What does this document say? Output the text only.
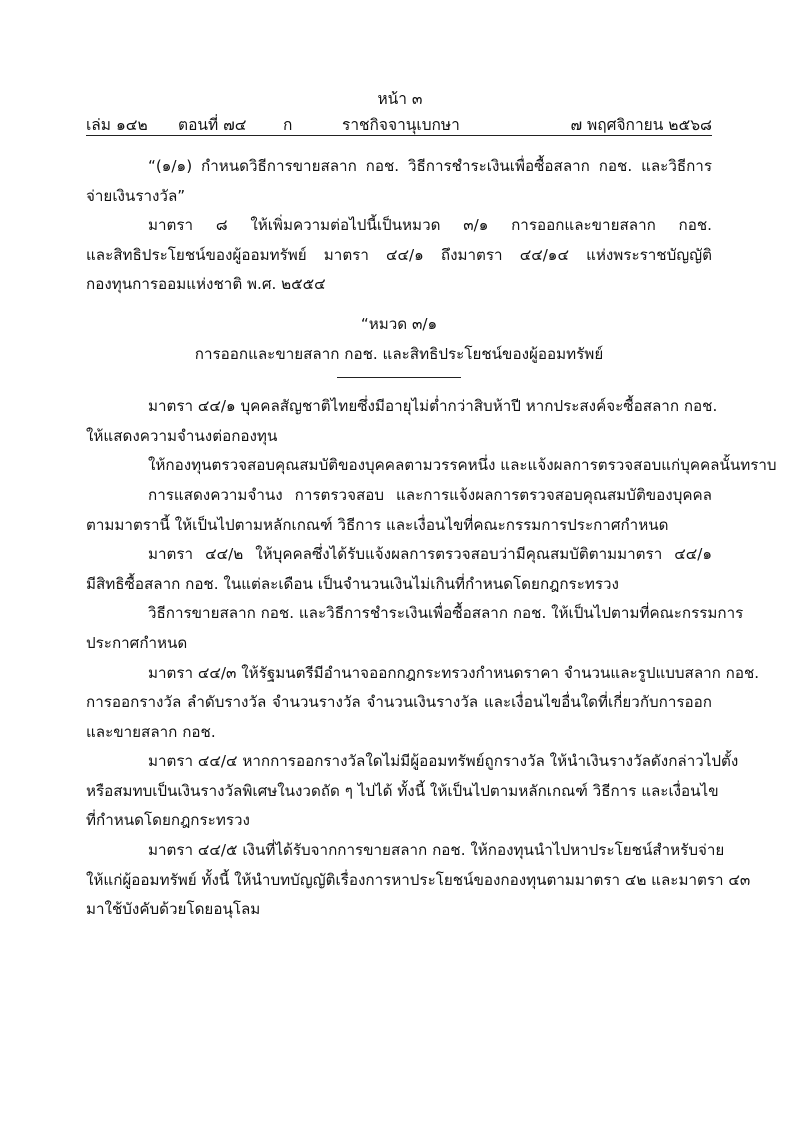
หน้า ๓
เล่ม ๑๔๒ ตอนที่ ๗๔ ก	ราชกิจจานุเบกษา	๗ พฤศจิกายน ๒๕๖๘

“(๑/๑) กำหนดวิธีการขายสลาก กอช. วิธีการชำระเงินเพื่อซื้อสลาก กอช. และวิธีการ

จ่ายเงินรางวัล”

มาตรา ๘ ให้เพิ่มความต่อไปนี้เป็นหมวด ๓/๑ การออกและขายสลาก กอช.

และสิทธิประโยชน์ของผู้ออมทรัพย์ มาตรา ๔๔/๑ ถึงมาตรา ๔๔/๑๔ แห่งพระราชบัญญัติ

กองทุนการออมแห่งชาติ พ.ศ. ๒๕๕๔

“หมวด ๓/๑

การออกและขายสลาก กอช. และสิทธิประโยชน์ของผู้ออมทรัพย์

มาตรา ๔๔/๑ บุคคลสัญชาติไทยซึ่งมีอายุไม่ต่ำกว่าสิบห้าปี หากประสงค์จะซื้อสลาก กอช.

ให้แสดงความจำนงต่อกองทุน

ให้กองทุนตรวจสอบคุณสมบัติของบุคคลตามวรรคหนึ่ง และแจ้งผลการตรวจสอบแก่บุคคลนั้นทราบ

การแสดงความจำนง การตรวจสอบ และการแจ้งผลการตรวจสอบคุณสมบัติของบุคคล

ตามมาตรานี้ ให้เป็นไปตามหลักเกณฑ์ วิธีการ และเงื่อนไขที่คณะกรรมการประกาศกำหนด

มาตรา ๔๔/๒ ให้บุคคลซึ่งได้รับแจ้งผลการตรวจสอบว่ามีคุณสมบัติตามมาตรา ๔๔/๑

มีสิทธิซื้อสลาก กอช. ในแต่ละเดือน เป็นจำนวนเงินไม่เกินที่กำหนดโดยกฎกระทรวง

วิธีการขายสลาก กอช. และวิธีการชำระเงินเพื่อซื้อสลาก กอช. ให้เป็นไปตามที่คณะกรรมการ

ประกาศกำหนด

มาตรา ๔๔/๓ ให้รัฐมนตรีมีอำนาจออกกฎกระทรวงกำหนดราคา จำนวนและรูปแบบสลาก กอช.

การออกรางวัล ลำดับรางวัล จำนวนรางวัล จำนวนเงินรางวัล และเงื่อนไขอื่นใดที่เกี่ยวกับการออก

และขายสลาก กอช.

มาตรา ๔๔/๔ หากการออกรางวัลใดไม่มีผู้ออมทรัพย์ถูกรางวัล ให้นำเงินรางวัลดังกล่าวไปตั้ง

หรือสมทบเป็นเงินรางวัลพิเศษในงวดถัด ๆ ไปได้ ทั้งนี้ ให้เป็นไปตามหลักเกณฑ์ วิธีการ และเงื่อนไข

ที่กำหนดโดยกฎกระทรวง

มาตรา ๔๔/๕ เงินที่ได้รับจากการขายสลาก กอช. ให้กองทุนนำไปหาประโยชน์สำหรับจ่าย

ให้แก่ผู้ออมทรัพย์ ทั้งนี้ ให้นำบทบัญญัติเรื่องการหาประโยชน์ของกองทุนตามมาตรา ๔๒ และมาตรา ๔๓

มาใช้บังคับด้วยโดยอนุโลม
